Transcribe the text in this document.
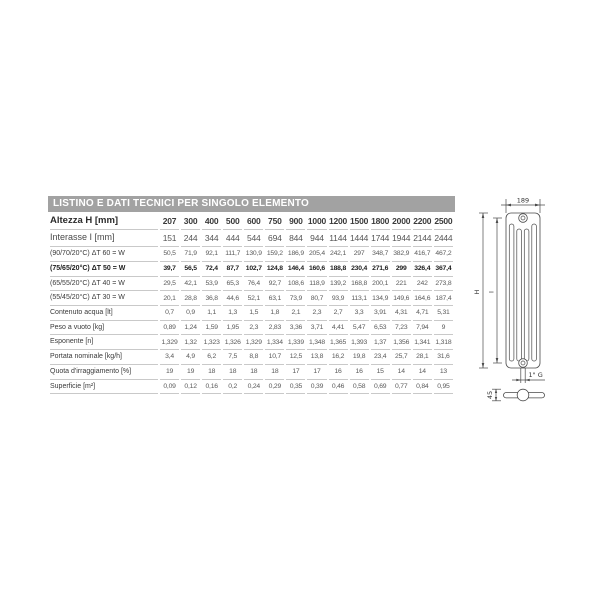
LISTINO E DATI TECNICI PER SINGOLO ELEMENTO
Altezza H [mm]	207	300	400	500	600	750	900	1000	1200	1500	1800	2000	2200	2500
Interasse I [mm]	151	244	344	444	544	694	844	944	1144	1444	1744	1944	2144	2444
(90/70/20°C) ΔT 60 = W	50,5	71,9	92,1	111,7	130,9	159,2	186,9	205,4	242,1	297	348,7	382,9	416,7	467,2
(75/65/20°C) ΔT 50 = W	39,7	56,5	72,4	87,7	102,7	124,8	146,4	160,6	188,8	230,4	271,6	299	326,4	367,4
(65/55/20°C) ΔT 40 = W	29,5	42,1	53,9	65,3	76,4	92,7	108,6	118,9	139,2	168,8	200,1	221	242	273,8
(55/45/20°C) ΔT 30 = W	20,1	28,8	36,8	44,6	52,1	63,1	73,9	80,7	93,9	113,1	134,9	149,6	164,6	187,4
Contenuto acqua [lt]	0,7	0,9	1,1	1,3	1,5	1,8	2,1	2,3	2,7	3,3	3,91	4,31	4,71	5,31
Peso a vuoto [kg]	0,89	1,24	1,59	1,95	2,3	2,83	3,36	3,71	4,41	5,47	6,53	7,23	7,94	9
Esponente [n]	1,329	1,32	1,323	1,326	1,329	1,334	1,339	1,348	1,365	1,393	1,37	1,356	1,341	1,318
Portata nominale [kg/h]	3,4	4,9	6,2	7,5	8,8	10,7	12,5	13,8	16,2	19,8	23,4	25,7	28,1	31,6
Quota d'irraggiamento [%]	19	19	18	18	18	18	17	17	16	16	15	14	14	13
Superficie [m²]	0,09	0,12	0,16	0,2	0,24	0,29	0,35	0,39	0,46	0,58	0,69	0,77	0,84	0,95
189
H I
1" G
45
